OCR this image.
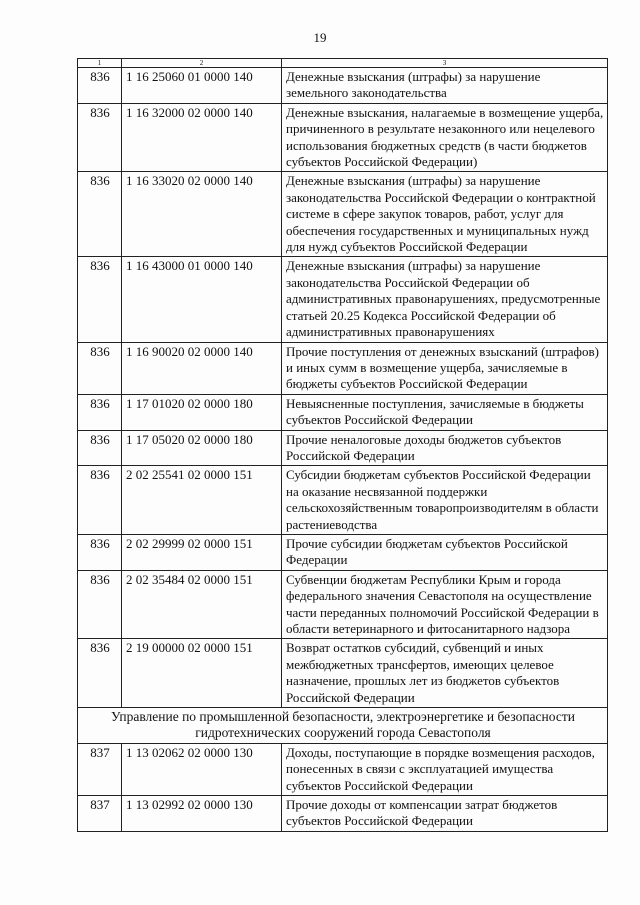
19
1	2	3
836	1 16 25060 01 0000 140	Денежные взыскания (штрафы) за нарушение земельного законодательства
836	1 16 32000 02 0000 140	Денежные взыскания, налагаемые в возмещение ущерба, причиненного в результате незаконного или нецелевого использования бюджетных средств (в части бюджетов субъектов Российской Федерации)
836	1 16 33020 02 0000 140	Денежные взыскания (штрафы) за нарушение законодательства Российской Федерации о контрактной системе в сфере закупок товаров, работ, услуг для обеспечения государственных и муниципальных нужд для нужд субъектов Российской Федерации
836	1 16 43000 01 0000 140	Денежные взыскания (штрафы) за нарушение законодательства Российской Федерации об административных правонарушениях, предусмотренные статьей 20.25 Кодекса Российской Федерации об административных правонарушениях
836	1 16 90020 02 0000 140	Прочие поступления от денежных взысканий (штрафов) и иных сумм в возмещение ущерба, зачисляемые в бюджеты субъектов Российской Федерации
836	1 17 01020 02 0000 180	Невыясненные поступления, зачисляемые в бюджеты субъектов Российской Федерации
836	1 17 05020 02 0000 180	Прочие неналоговые доходы бюджетов субъектов Российской Федерации
836	2 02 25541 02 0000 151	Субсидии бюджетам субъектов Российской Федерации на оказание несвязанной поддержки сельскохозяйственным товаропроизводителям в области растениеводства
836	2 02 29999 02 0000 151	Прочие субсидии бюджетам субъектов Российской Федерации
836	2 02 35484 02 0000 151	Субвенции бюджетам Республики Крым и города федерального значения Севастополя на осуществление части переданных полномочий Российской Федерации в области ветеринарного и фитосанитарного надзора
836	2 19 00000 02 0000 151	Возврат остатков субсидий, субвенций и иных межбюджетных трансфертов, имеющих целевое назначение, прошлых лет из бюджетов субъектов Российской Федерации
Управление по промышленной безопасности, электроэнергетике и безопасности гидротехнических сооружений города Севастополя		
837	1 13 02062 02 0000 130	Доходы, поступающие в порядке возмещения расходов, понесенных в связи с эксплуатацией имущества субъектов Российской Федерации
837	1 13 02992 02 0000 130	Прочие доходы от компенсации затрат бюджетов субъектов Российской Федерации
